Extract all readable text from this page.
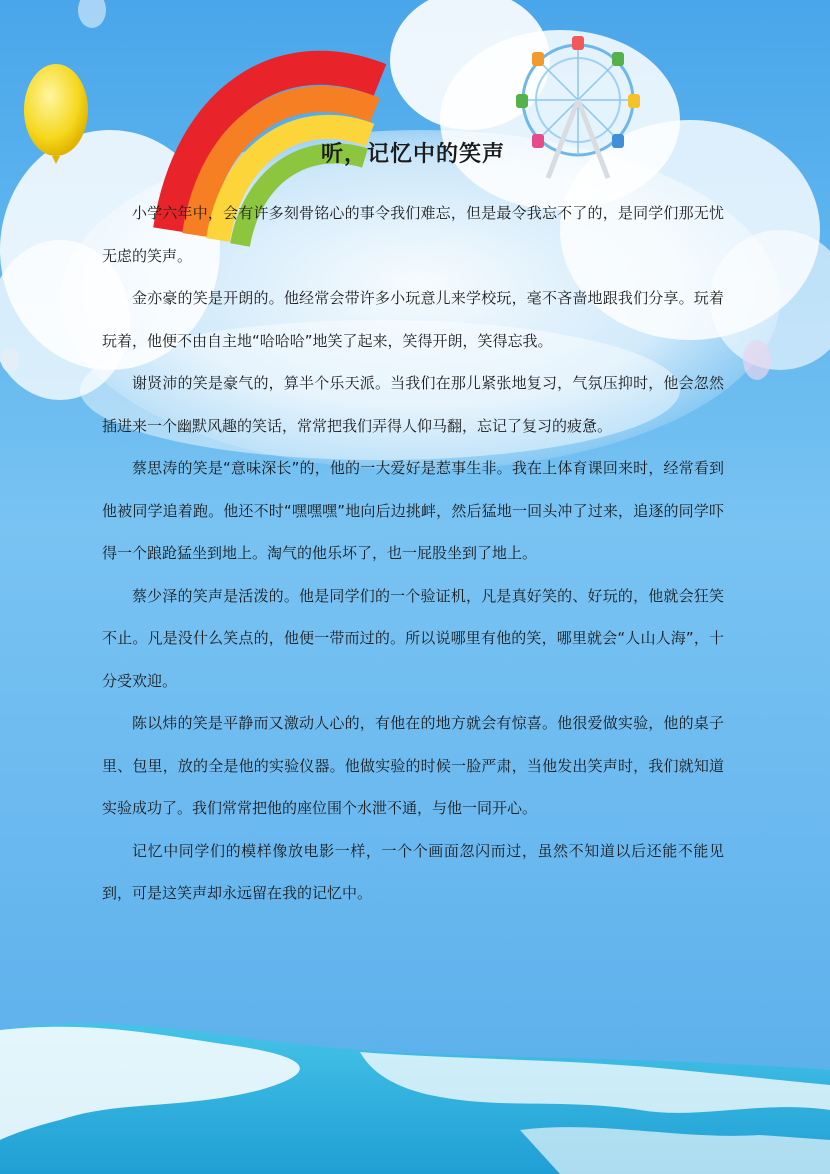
听，记忆中的笑声

小学六年中，会有许多刻骨铭心的事令我们难忘，但是最令我忘不了的，是同学们那无忧无虑的笑声。

金亦豪的笑是开朗的。他经常会带许多小玩意儿来学校玩，毫不吝啬地跟我们分享。玩着玩着，他便不由自主地“哈哈哈”地笑了起来，笑得开朗，笑得忘我。

谢贤沛的笑是豪气的，算半个乐天派。当我们在那儿紧张地复习，气氛压抑时，他会忽然插进来一个幽默风趣的笑话，常常把我们弄得人仰马翻，忘记了复习的疲惫。

蔡思涛的笑是“意味深长”的，他的一大爱好是惹事生非。我在上体育课回来时，经常看到他被同学追着跑。他还不时“嘿嘿嘿”地向后边挑衅，然后猛地一回头冲了过来，追逐的同学吓得一个踉跄猛坐到地上。淘气的他乐坏了，也一屁股坐到了地上。

蔡少泽的笑声是活泼的。他是同学们的一个验证机，凡是真好笑的、好玩的，他就会狂笑不止。凡是没什么笑点的，他便一带而过的。所以说哪里有他的笑，哪里就会“人山人海”，十分受欢迎。

陈以炜的笑是平静而又激动人心的，有他在的地方就会有惊喜。他很爱做实验，他的桌子里、包里，放的全是他的实验仪器。他做实验的时候一脸严肃，当他发出笑声时，我们就知道实验成功了。我们常常把他的座位围个水泄不通，与他一同开心。

记忆中同学们的模样像放电影一样，一个个画面忽闪而过，虽然不知道以后还能不能见到，可是这笑声却永远留在我的记忆中。
